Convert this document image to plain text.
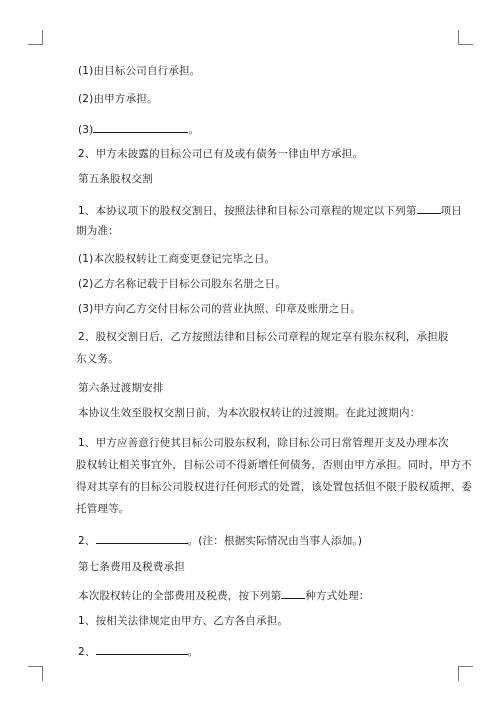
(1)由目标公司自行承担。
(2)由甲方承担。
(3)	。
2、甲方未披露的目标公司已有及或有债务一律由甲方承担。
第五条股权交割
1、本协议项下的股权交割日，按照法律和目标公司章程的规定以下列第 项日
期为准：
(1)本次股权转让工商变更登记完毕之日。
(2)乙方名称记载于目标公司股东名册之日。
(3)甲方向乙方交付目标公司的营业执照、印章及账册之日。
2、股权交割日后，乙方按照法律和目标公司章程的规定享有股东权利，承担股
东义务。
第六条过渡期安排
本协议生效至股权交割日前，为本次股权转让的过渡期。在此过渡期内：
1、甲方应善意行使其目标公司股东权利，除目标公司日常管理开支及办理本次
股权转让相关事宜外，目标公司不得新增任何债务，否则由甲方承担。同时，甲方不
得对其享有的目标公司股权进行任何形式的处置，该处置包括但不限于股权质押、委
托管理等。
2、	。(注：根据实际情况由当事人添加。)
第七条费用及税费承担
本次股权转让的全部费用及税费，按下列第 种方式处理：
1、按相关法律规定由甲方、乙方各自承担。
2、	。
